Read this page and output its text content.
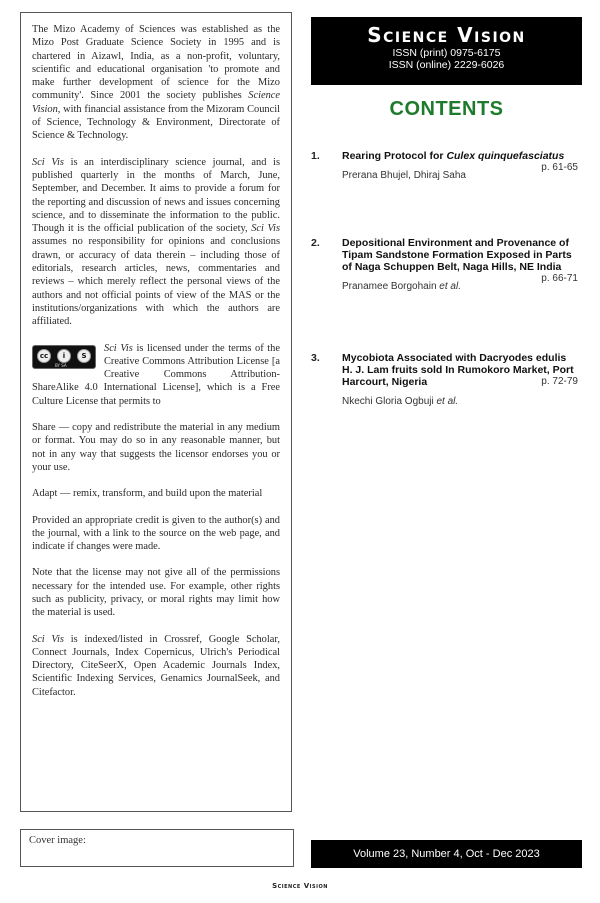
The Mizo Academy of Sciences was established as the Mizo Post Graduate Science Society in 1995 and is chartered in Aizawl, India, as a non-profit, voluntary, scientific and educational organisation 'to promote and make further development of science for the Mizo community'. Since 2001 the society publishes Science Vision, with financial assistance from the Mizoram Council of Science, Technology & Environment, Directorate of Science & Technology.

Sci Vis is an interdisciplinary science journal, and is published quarterly in the months of March, June, September, and December. It aims to provide a forum for the reporting and discussion of news and issues concerning science, and to disseminate the information to the public. Though it is the official publication of the society, Sci Vis assumes no responsibility for opinions and conclusions drawn, or accuracy of data therein – including those of editorials, research articles, news, commentaries and reviews – which merely reflect the personal views of the authors and not official points of view of the MAS or the institutions/organizations with which the authors are affiliated.

cc	i	S
BY SA
Sci Vis is licensed under the terms of the Creative Commons Attribution License [a Creative Commons Attribution-ShareAlike 4.0 International License], which is a Free Culture License that permits to

Share — copy and redistribute the material in any medium or format. You may do so in any reasonable manner, but not in any way that suggests the licensor endorses you or your use.

Adapt — remix, transform, and build upon the material

Provided an appropriate credit is given to the author(s) and the journal, with a link to the source on the web page, and indicate if changes were made.

Note that the license may not give all of the permissions necessary for the intended use. For example, other rights such as publicity, privacy, or moral rights may limit how the material is used.

Sci Vis is indexed/listed in Crossref, Google Scholar, Connect Journals, Index Copernicus, Ulrich's Periodical Directory, CiteSeerX, Open Academic Journals Index, Scientific Indexing Services, Genamics JournalSeek, and Citefactor.

Cover image:
Science Vision
ISSN (print) 0975-6175
ISSN (online) 2229-6026
CONTENTS
1. Rearing Protocol for Culex quinquefasciatus
p. 61-65
Prerana Bhujel, Dhiraj Saha
2. Depositional Environment and Provenance of Tipam Sandstone Formation Exposed in Parts of Naga Schuppen Belt, Naga Hills, NE India
p. 66-71
Pranamee Borgohain et al.
3. Mycobiota Associated with Dacryodes edulis H. J. Lam fruits sold In Rumokoro Market, Port Harcourt, Nigeria	p. 72-79
Nkechi Gloria Ogbuji et al.
Volume 23, Number 4, Oct - Dec 2023
Science Vision
